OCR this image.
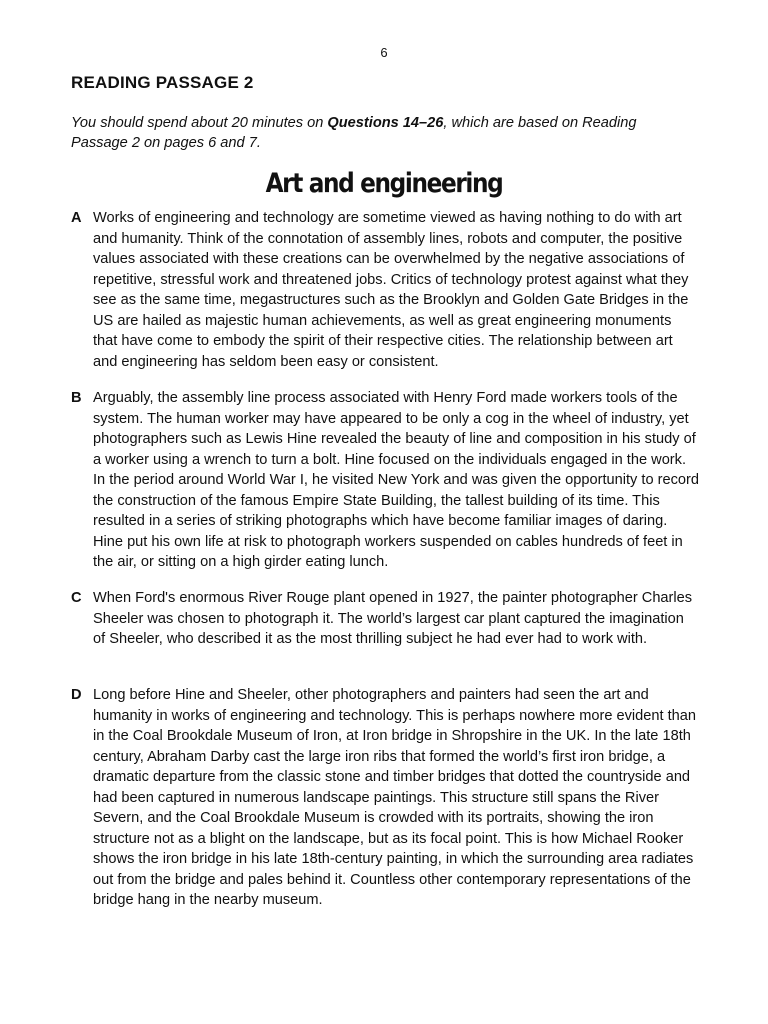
6
READING PASSAGE 2
You should spend about 20 minutes on Questions 14–26, which are based on Reading Passage 2 on pages 6 and 7.
Art and engineering
A Works of engineering and technology are sometime viewed as having nothing to do with art and humanity. Think of the connotation of assembly lines, robots and computer, the positive values associated with these creations can be overwhelmed by the negative associations of repetitive, stressful work and threatened jobs. Critics of technology protest against what they see as the same time, megastructures such as the Brooklyn and Golden Gate Bridges in the US are hailed as majestic human achievements, as well as great engineering monuments that have come to embody the spirit of their respective cities. The relationship between art and engineering has seldom been easy or consistent.
B Arguably, the assembly line process associated with Henry Ford made workers tools of the system. The human worker may have appeared to be only a cog in the wheel of industry, yet photographers such as Lewis Hine revealed the beauty of line and composition in his study of a worker using a wrench to turn a bolt. Hine focused on the individuals engaged in the work. In the period around World War I, he visited New York and was given the opportunity to record the construction of the famous Empire State Building, the tallest building of its time. This resulted in a series of striking photographs which have become familiar images of daring. Hine put his own life at risk to photograph workers suspended on cables hundreds of feet in the air, or sitting on a high girder eating lunch.
C When Ford's enormous River Rouge plant opened in 1927, the painter photographer Charles Sheeler was chosen to photograph it. The world’s largest car plant captured the imagination of Sheeler, who described it as the most thrilling subject he had ever had to work with.
D Long before Hine and Sheeler, other photographers and painters had seen the art and humanity in works of engineering and technology. This is perhaps nowhere more evident than in the Coal Brookdale Museum of Iron, at Iron bridge in Shropshire in the UK. In the late 18th century, Abraham Darby cast the large iron ribs that formed the world’s first iron bridge, a dramatic departure from the classic stone and timber bridges that dotted the countryside and had been captured in numerous landscape paintings. This structure still spans the River Severn, and the Coal Brookdale Museum is crowded with its portraits, showing the iron structure not as a blight on the landscape, but as its focal point. This is how Michael Rooker shows the iron bridge in his late 18th-century painting, in which the surrounding area radiates out from the bridge and pales behind it. Countless other contemporary representations of the bridge hang in the nearby museum.
